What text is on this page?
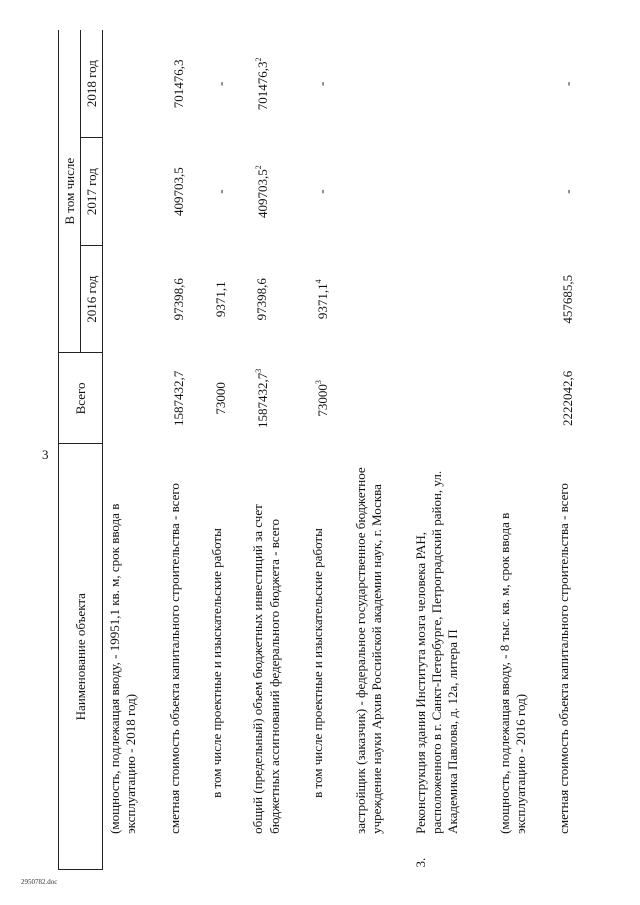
3
2950782.doc
Наименование объекта		Всего	В том числе		
			2016 год	2017 год	2018 год
	(мощность, подлежащая вводу, - 19951,1 кв. м, срок ввода в эксплуатацию - 2018 год)				
	сметная стоимость объекта капитального строительства - всего	1587432,7	97398,6	409703,5	701476,3
	в том числе проектные и изыскательские работы	73000	9371,1	-	-
	общий (предельный) объем бюджетных инвестиций за счет бюджетных ассигнований федерального бюджета - всего	1587432,7$^3$	97398,6	409703,5$^2$	701476,3$^2$
	в том числе проектные и изыскательские работы	73000$^3$	9371,1$^4$	-	-
	застройщик (заказчик) - федеральное государственное бюджетное учреждение науки Архив Российской академии наук, г. Москва				
3.	Реконструкция здания Института мозга человека РАН, расположенного в г. Санкт-Петербурге, Петроградский район, ул. Академика Павлова, д. 12а, литера П				
	(мощность, подлежащая вводу, - 8 тыс. кв. м, срок ввода в эксплуатацию - 2016 год)				
	сметная стоимость объекта капитального строительства - всего	2222042,6	457685,5	-	-
